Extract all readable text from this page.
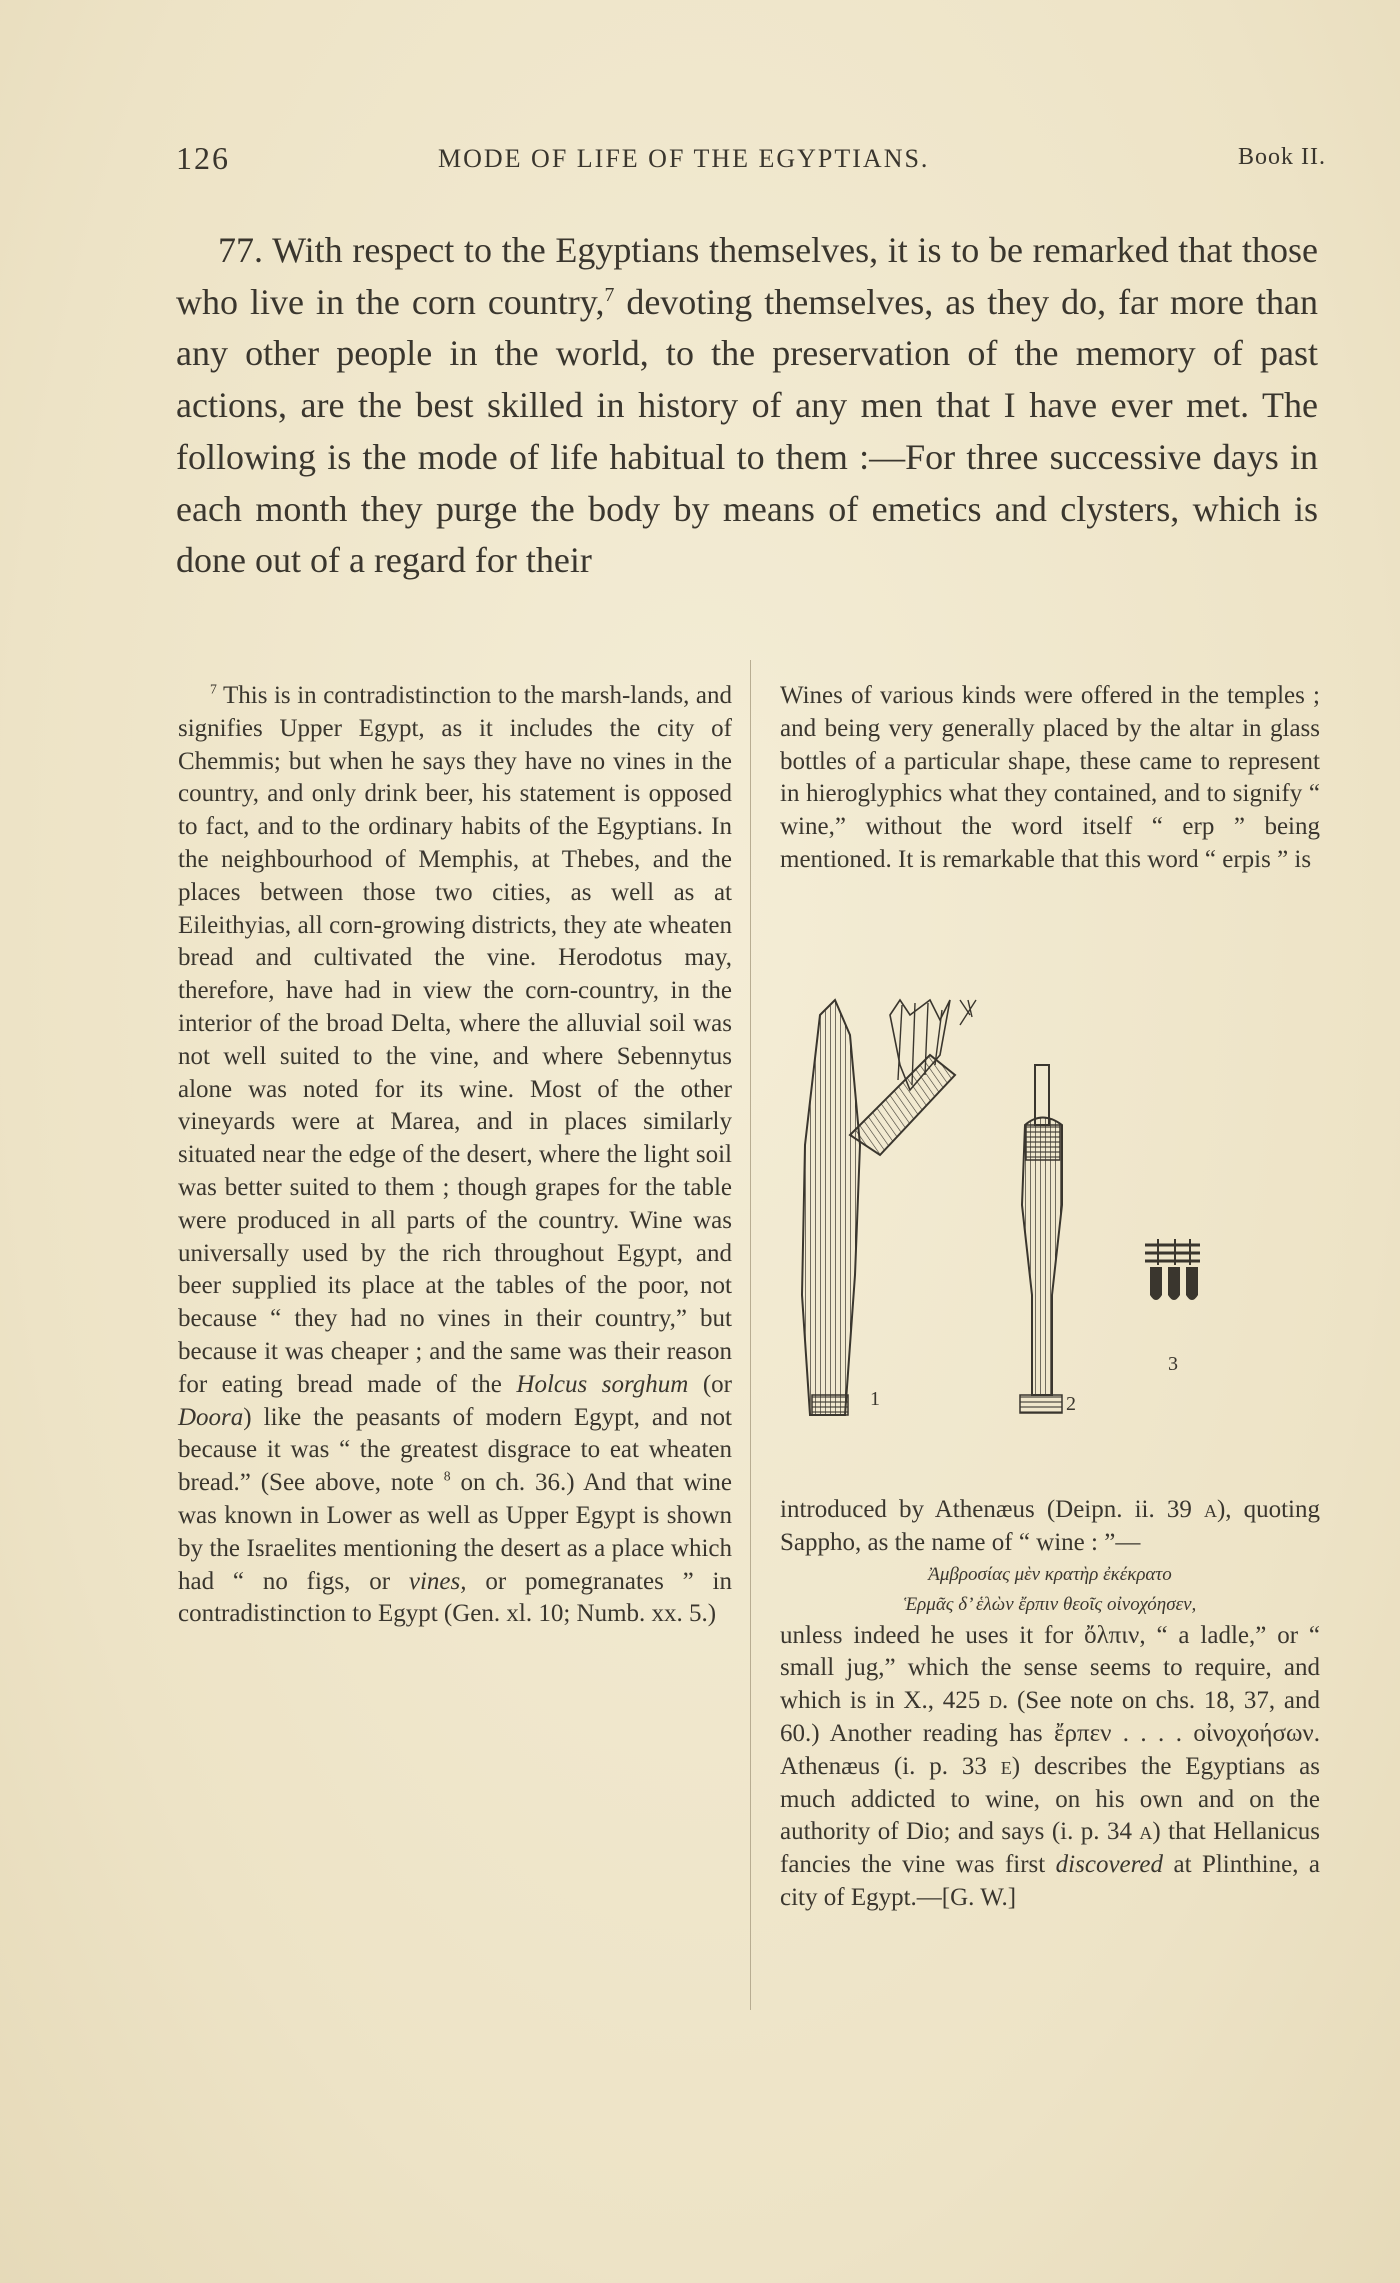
126	MODE OF LIFE OF THE EGYPTIANS.	Book II.

77. With respect to the Egyptians themselves, it is to be remarked that those who live in the corn country,$^7$ devoting themselves, as they do, far more than any other people in the world, to the preservation of the memory of past actions, are the best skilled in history of any men that I have ever met. The following is the mode of life habitual to them :—For three successive days in each month they purge the body by means of emetics and clysters, which is done out of a regard for their

$^7$ This is in contradistinction to the marsh-lands, and signifies Upper Egypt, as it includes the city of Chemmis; but when he says they have no vines in the country, and only drink beer, his statement is opposed to fact, and to the ordinary habits of the Egyptians. In the neighbourhood of Memphis, at Thebes, and the places between those two cities, as well as at Eileithyias, all corn-growing districts, they ate wheaten bread and cultivated the vine. Herodotus may, therefore, have had in view the corn-country, in the interior of the broad Delta, where the alluvial soil was not well suited to the vine, and where Sebennytus alone was noted for its wine. Most of the other vineyards were at Marea, and in places similarly situated near the edge of the desert, where the light soil was better suited to them ; though grapes for the table were produced in all parts of the country. Wine was universally used by the rich throughout Egypt, and beer supplied its place at the tables of the poor, not because “ they had no vines in their country,” but because it was cheaper ; and the same was their reason for eating bread made of the Holcus sorghum (or Doora) like the peasants of modern Egypt, and not because it was “ the greatest disgrace to eat wheaten bread.” (See above, note $^8$ on ch. 36.) And that wine was known in Lower as well as Upper Egypt is shown by the Israelites mentioning the desert as a place which had “ no figs, or vines, or pomegranates ” in contradistinction to Egypt (Gen. xl. 10; Numb. xx. 5.)

Wines of various kinds were offered in the temples ; and being very generally placed by the altar in glass bottles of a particular shape, these came to represent in hieroglyphics what they contained, and to signify “ wine,” without the word itself “ erp ” being mentioned. It is remarkable that this word “ erpis ” is

1	2
3

introduced by Athenæus (Deipn. ii. 39 a), quoting Sappho, as the name of “ wine : ”—

Ἀμβροσίας μὲν κρατὴρ ἐκέκρατο

Ἑρμᾶς δ’ ἑλὼν ἔρπιν θεοῖς οἰνοχόησεν,

unless indeed he uses it for ὄλπιν, “ a ladle,” or “ small jug,” which the sense seems to require, and which is in X., 425 d. (See note on chs. 18, 37, and 60.) Another reading has ἔρπεν . . . . οἰνοχοήσων. Athenæus (i. p. 33 e) describes the Egyptians as much addicted to wine, on his own and on the authority of Dio; and says (i. p. 34 a) that Hellanicus fancies the vine was first discovered at Plinthine, a city of Egypt.—[G. W.]
